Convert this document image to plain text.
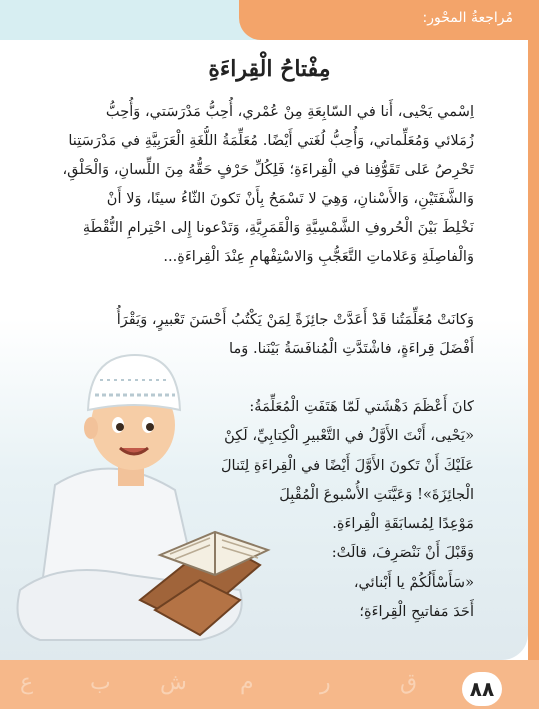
مُراجعةُ المحْور:
ع	ب ش م	ر	ق	٨٨
مِفْتاحُ الْقِراءَةِ
اِسْمي يَحْيى، أَنا في السّابِعَةِ مِنْ عُمْري، أُحِبُّ مَدْرَسَتي، وَأُحِبُّ
زُمَلائي وَمُعَلِّماتي، وَأُحِبُّ لُغَتي أَيْضًا. مُعَلِّمَةُ اللُّغَةِ الْعَرَبِيَّةِ في مَدْرَسَتِنا
تَحْرِصُ عَلى تَقَوُّفِنا في الْقِراءَةِ؛ فَلِكُلِّ حَرْفٍ حَقُّهُ مِنَ اللِّسانِ، وَالْحَلْقِ،
وَالشَّفَتَيْنِ، وَالأَسْنانِ، وَهِيَ لا تَسْمَحُ بِأَنْ تَكونَ الثّاءُ سينًا، وَلا أَنْ
نَخْلِطَ بَيْنَ الْحُروفِ الشَّمْسِيَّةِ وَالْقَمَرِيَّةِ، وَتَدْعونا إِلى احْتِرامِ النُّقْطَةِ
وَالْفاصِلَةِ وَعَلاماتِ التَّعَجُّبِ وَالاسْتِفْهامِ عِنْدَ الْقِراءَةِ...
وَكانَتْ مُعَلِّمَتُنا قَدْ أَعَدَّتْ جائِزَةً لِمَنْ يَكْتُبُ أَحْسَنَ تَعْبيرٍ، وَيَقْرَأُ
أَفْضَلَ قِراءَةٍ، فاشْتَدَّتِ الْمُنافَسَةُ بَيْنَنا. وَما
كانَ أَعْظَمَ دَهْشَتي لَمّا هَتَفَتِ الْمُعَلِّمَةُ:
«يَحْيى، أَنْتَ الأَوَّلُ في التَّعْبيرِ الْكِتابِيِّ، لَكِنْ
عَلَيْكَ أَنْ تَكونَ الأَوَّلَ أَيْضًا في الْقِراءَةِ لِتَنالَ
الْجائِزَةَ»! وَعَيَّنَتِ الأُسْبوعَ الْمُقْبِلَ
مَوْعِدًا لِمُسابَقَةِ الْقِراءَةِ.
وَقَبْلَ أَنْ نَنْصَرِفَ، قالَتْ:
«سَأَسْأَلُكُمْ يا أَبْنائي،
أَحَدَ مَفاتيحِ الْقِراءَةِ؛
